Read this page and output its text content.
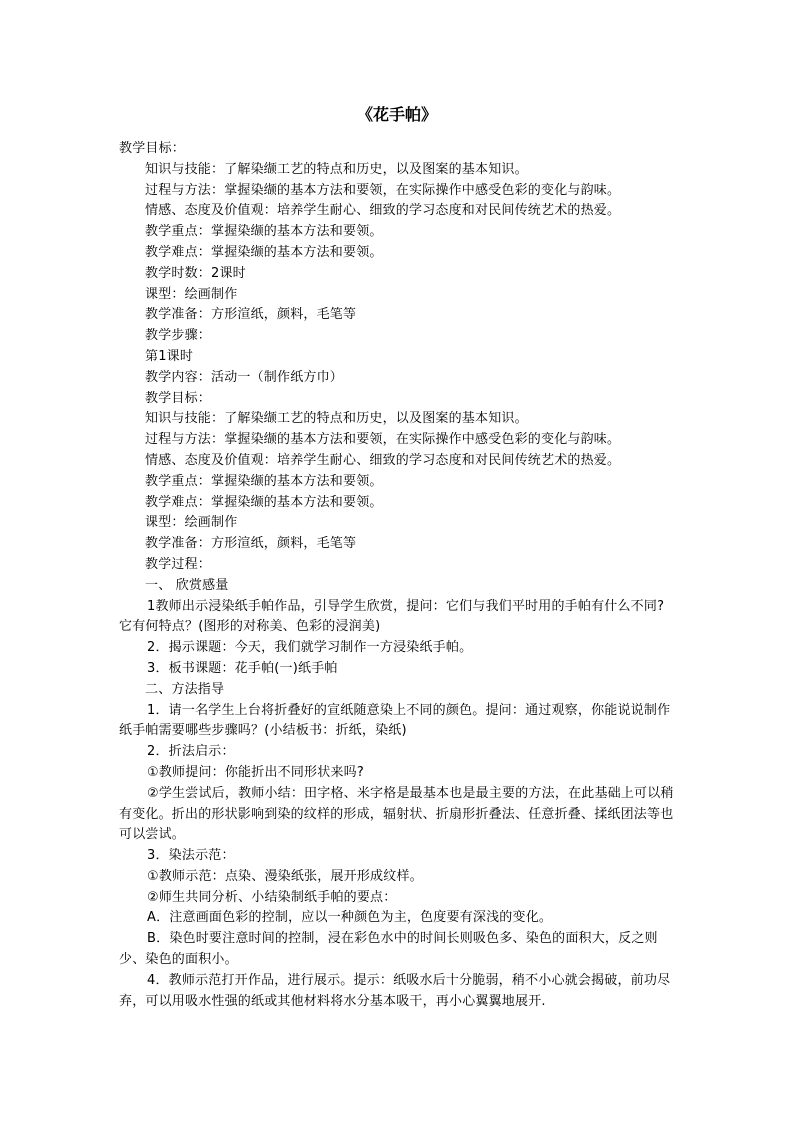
《花手帕》

教学目标：

知识与技能：了解染缬工艺的特点和历史，以及图案的基本知识。

过程与方法：掌握染缬的基本方法和要领，在实际操作中感受色彩的变化与韵味。

情感、态度及价值观：培养学生耐心、细致的学习态度和对民间传统艺术的热爱。

教学重点：掌握染缬的基本方法和要领。

教学难点：掌握染缬的基本方法和要领。

教学时数：2课时

课型：绘画制作

教学准备：方形渲纸，颜料，毛笔等

教学步骤：

第1课时

教学内容：活动一（制作纸方巾）

教学目标：

知识与技能：了解染缬工艺的特点和历史，以及图案的基本知识。

过程与方法：掌握染缬的基本方法和要领，在实际操作中感受色彩的变化与韵味。

情感、态度及价值观：培养学生耐心、细致的学习态度和对民间传统艺术的热爱。

教学重点：掌握染缬的基本方法和要领。

教学难点：掌握染缬的基本方法和要领。

课型：绘画制作

教学准备：方形渲纸，颜料，毛笔等

教学过程：

一、 欣赏感量

1教师出示浸染纸手帕作品，引导学生欣赏，提问：它们与我们平时用的手帕有什么不同?它有何特点？(图形的对称美、色彩的浸润美)

2．揭示课题：今天，我们就学习制作一方浸染纸手帕。

3．板书课题：花手帕(一)纸手帕

二、方法指导

1．请一名学生上台将折叠好的宣纸随意染上不同的颜色。提问：通过观察，你能说说制作纸手帕需要哪些步骤吗？(小结板书：折纸，染纸)

2．折法启示：

①教师提问：你能折出不同形状来吗?

②学生尝试后，教师小结：田字格、米字格是最基本也是最主要的方法，在此基础上可以稍有变化。折出的形状影响到染的纹样的形成，辐射状、折扇形折叠法、任意折叠、揉纸团法等也可以尝试。

3．染法示范：

①教师示范：点染、漫染纸张，展开形成纹样。

②师生共同分析、小结染制纸手帕的要点：

A．注意画面色彩的控制，应以一种颜色为主，色度要有深浅的变化。

B．染色时要注意时间的控制，浸在彩色水中的时间长则吸色多、染色的面积大，反之则少、染色的面积小。

4．教师示范打开作品，进行展示。提示：纸吸水后十分脆弱，稍不小心就会揭破，前功尽弃，可以用吸水性强的纸或其他材料将水分基本吸干，再小心翼翼地展开.
